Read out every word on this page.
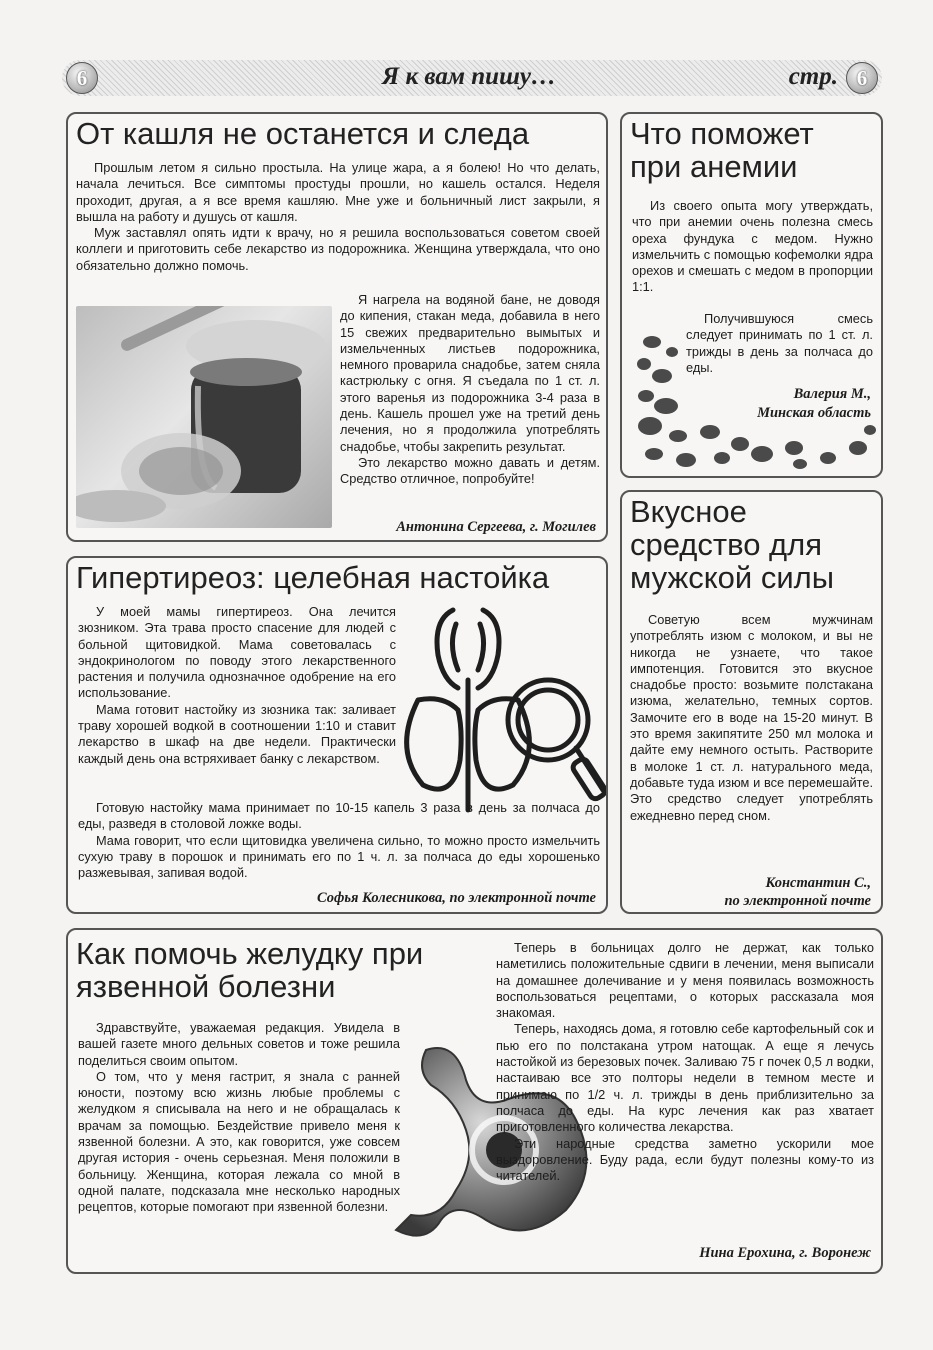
6	Я к вам пишу…	стр. 6
От кашля не останется и следа

Прошлым летом я сильно простыла. На улице жара, а я болею! Но что делать, начала лечиться. Все симптомы простуды прошли, но кашель остался. Неделя проходит, другая, а я все время кашляю. Мне уже и больничный лист закрыли, я вышла на работу и душусь от кашля.

Муж заставлял опять идти к врачу, но я решила воспользоваться советом своей коллеги и приготовить себе лекарство из подорожника. Женщина утверждала, что оно обязательно должно помочь.

Я нагрела на водяной бане, не доводя до кипения, стакан меда, добавила в него 15 свежих предварительно вымытых и измельченных листьев подорожника, немного проварила снадобье, затем сняла кастрюльку с огня. Я съедала по 1 ст. л. этого варенья из подорожника 3-4 раза в день. Кашель прошел уже на третий день лечения, но я продолжила употреблять снадобье, чтобы закрепить результат.

Это лекарство можно давать и детям. Средство отличное, попробуйте!

Антонина Сергеева, г. Могилев
Что поможет при анемии

Из своего опыта могу утверждать, что при анемии очень полезна смесь ореха фундука с медом. Нужно измельчить с помощью кофемолки ядра орехов и смешать с медом в пропорции 1:1.

Получившуюся смесь следует принимать по 1 ст. л. трижды в день за полчаса до еды.

Валерия М.,
Минская область
Гипертиреоз: целебная настойка

У моей мамы гипертиреоз. Она лечится зюзником. Эта трава просто спасение для людей с больной щитовидкой. Мама советовалась с эндокринологом по поводу этого лекарственного растения и получила однозначное одобрение на его использование.

Мама готовит настойку из зюзника так: заливает траву хорошей водкой в соотношении 1:10 и ставит лекарство в шкаф на две недели. Практически каждый день она встряхивает банку с лекарством.

Готовую настойку мама принимает по 10-15 капель 3 раза в день за полчаса до еды, разведя в столовой ложке воды.

Мама говорит, что если щитовидка увеличена сильно, то можно просто измельчить сухую траву в порошок и принимать его по 1 ч. л. за полчаса до еды хорошенько разжевывая, запивая водой.

Софья Колесникова, по электронной почте
Вкусное средство для мужской силы

Советую всем мужчинам употреблять изюм с молоком, и вы не никогда не узнаете, что такое импотенция. Готовится это вкусное снадобье просто: возьмите полстакана изюма, желательно, темных сортов. Замочите его в воде на 15-20 минут. В это время закипятите 250 мл молока и дайте ему немного остыть. Растворите в молоке 1 ст. л. натурального меда, добавьте туда изюм и все перемешайте. Это средство следует употреблять ежедневно перед сном.

Константин С.,
по электронной почте
Как помочь желудку при язвенной болезни

Здравствуйте, уважаемая редакция. Увидела в вашей газете много дельных советов и тоже решила поделиться своим опытом.

О том, что у меня гастрит, я знала с ранней юности, поэтому всю жизнь любые проблемы с желудком я списывала на него и не обращалась к врачам за помощью. Бездействие привело меня к язвенной болезни. А это, как говорится, уже совсем другая история - очень серьезная. Меня положили в больницу. Женщина, которая лежала со мной в одной палате, подсказала мне несколько народных рецептов, которые помогают при язвенной болезни.

Теперь в больницах долго не держат, как только наметились положительные сдвиги в лечении, меня выписали на домашнее долечивание и у меня появилась возможность воспользоваться рецептами, о которых рассказала моя знакомая.

Теперь, находясь дома, я готовлю себе картофельный сок и пью его по полстакана утром натощак. А еще я лечусь настойкой из березовых почек. Заливаю 75 г почек 0,5 л водки, настаиваю все это полторы недели в темном месте и принимаю по 1/2 ч. л. трижды в день приблизительно за полчаса до еды. На курс лечения как раз хватает приготовленного количества лекарства.

Эти народные средства заметно ускорили мое выздоровление. Буду рада, если будут полезны кому-то из читателей.

Нина Ерохина, г. Воронеж
